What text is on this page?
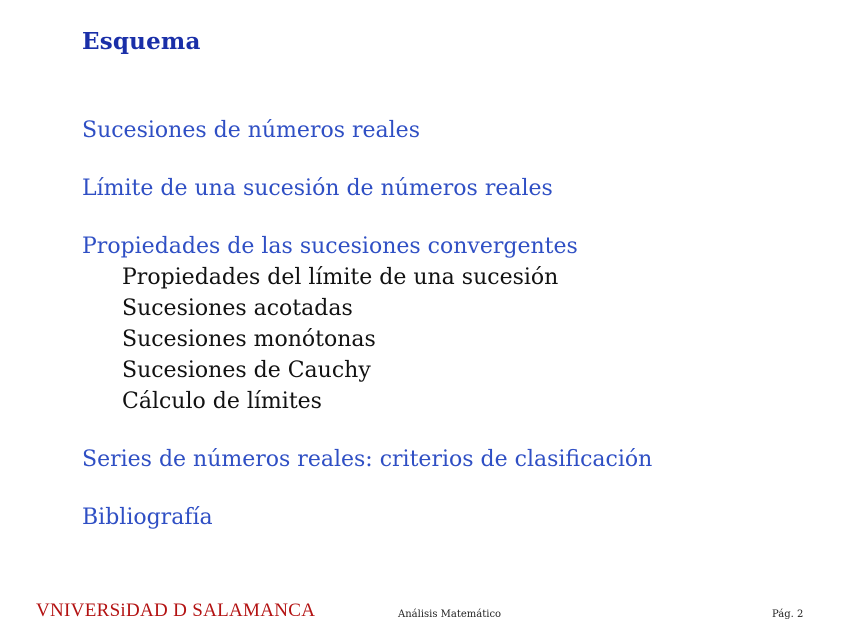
Esquema
Sucesiones de números reales
Límite de una sucesión de números reales
Propiedades de las sucesiones convergentes
Propiedades del límite de una sucesión
Sucesiones acotadas
Sucesiones monótonas
Sucesiones de Cauchy
Cálculo de límites
Series de números reales: criterios de clasificación
Bibliografía
VNIVERSiDAD D SALAMANCA	Análisis Matemático	Pág. 2
